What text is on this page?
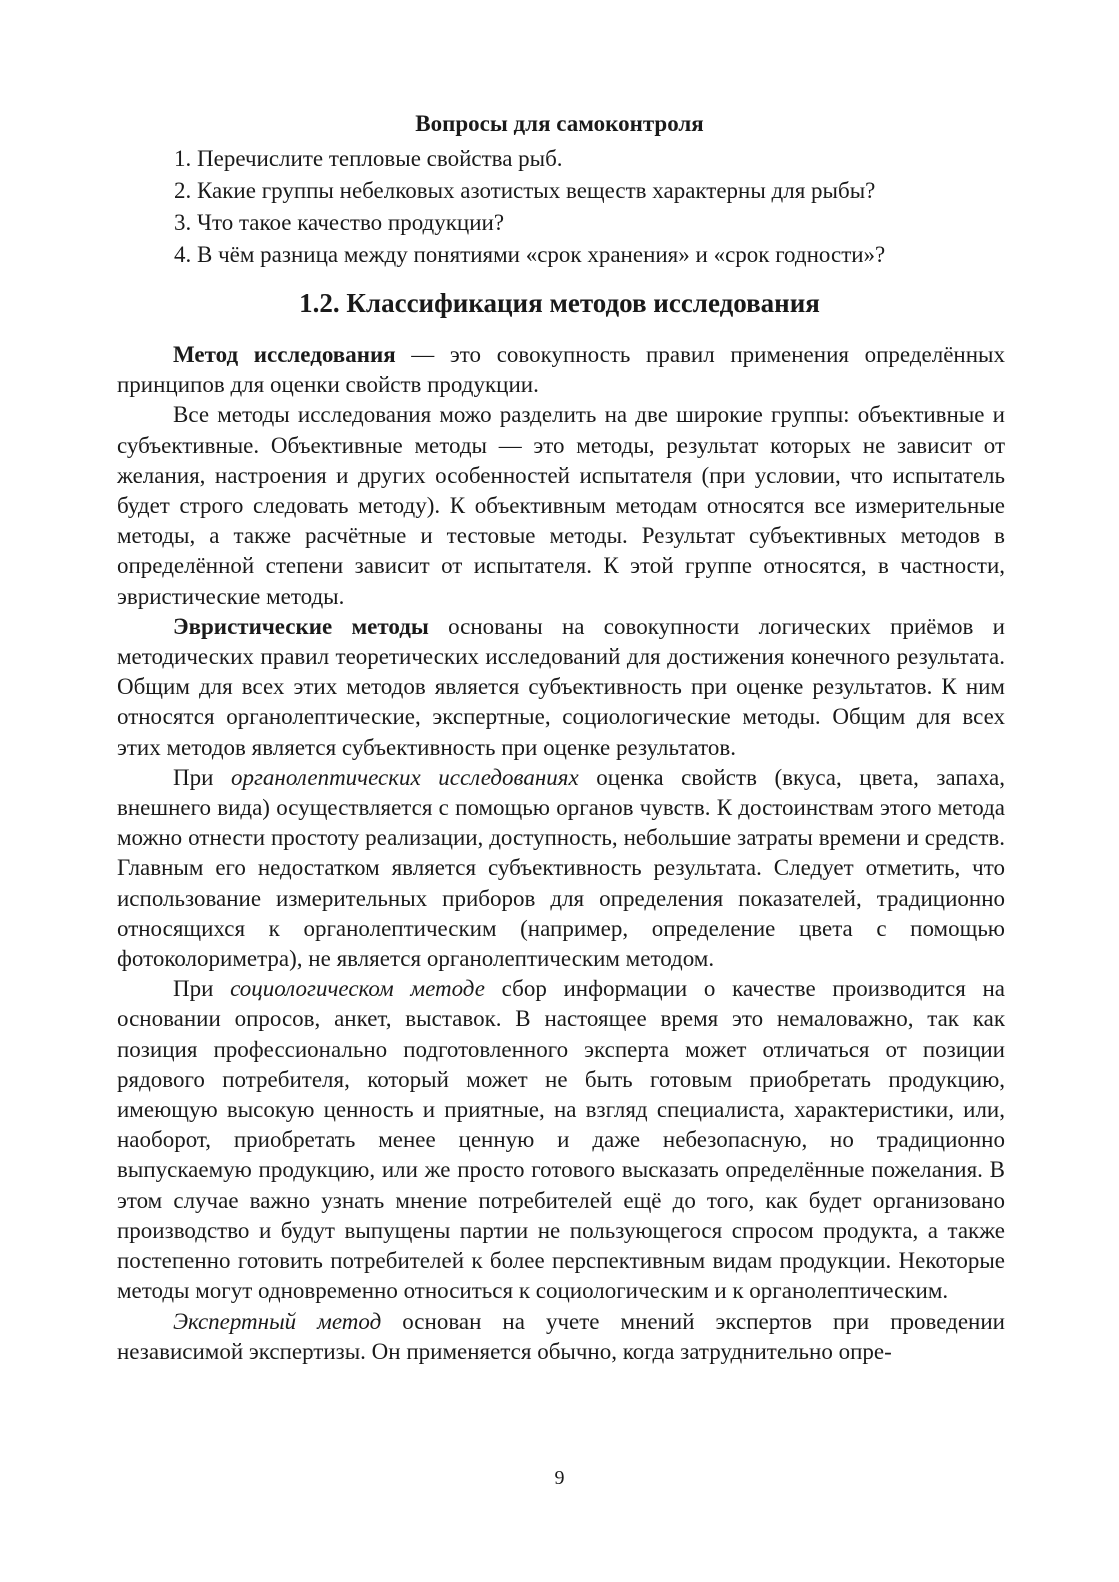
Вопросы для самоконтроля
1. Перечислите тепловые свойства рыб.
2. Какие группы небелковых азотистых веществ характерны для рыбы?
3. Что такое качество продукции?
4. В чём разница между понятиями «срок хранения» и «срок годности»?
1.2. Классификация методов исследования

Метод исследования — это совокупность правил применения определённых принципов для оценки свойств продукции.

Все методы исследования можо разделить на две широкие группы: объективные и субъективные. Объективные методы — это методы, результат которых не зависит от желания, настроения и других особенностей испытателя (при условии, что испытатель будет строго следовать методу). К объективным методам относятся все измерительные методы, а также расчётные и тестовые методы. Результат субъективных методов в определённой степени зависит от испытателя. К этой группе относятся, в частности, эвристические методы.

Эвристические методы основаны на совокупности логических приёмов и методических правил теоретических исследований для достижения конечного результата. Общим для всех этих методов является субъективность при оценке результатов. К ним относятся органолептические, экспертные, социологические методы. Общим для всех этих методов является субъективность при оценке результатов.

При органолептических исследованиях оценка свойств (вкуса, цвета, запаха, внешнего вида) осуществляется с помощью органов чувств. К достоинствам этого метода можно отнести простоту реализации, доступность, небольшие затраты времени и средств. Главным его недостатком является субъективность результата. Следует отметить, что использование измерительных приборов для определения показателей, традиционно относящихся к органолептическим (например, определение цвета с помощью фотоколориметра), не является органолептическим методом.

При социологическом методе сбор информации о качестве производится на основании опросов, анкет, выставок. В настоящее время это немаловажно, так как позиция профессионально подготовленного эксперта может отличаться от позиции рядового потребителя, который может не быть готовым приобретать продукцию, имеющую высокую ценность и приятные, на взгляд специалиста, характеристики, или, наоборот, приобретать менее ценную и даже небезопасную, но традиционно выпускаемую продукцию, или же просто готового высказать определённые пожелания. В этом случае важно узнать мнение потребителей ещё до того, как будет организовано производство и будут выпущены партии не пользующегося спросом продукта, а также постепенно готовить потребителей к более перспективным видам продукции. Некоторые методы могут одновременно относиться к социологическим и к органолептическим.

Экспертный метод основан на учете мнений экспертов при проведении независимой экспертизы. Он применяется обычно, когда затруднительно опре-

9
